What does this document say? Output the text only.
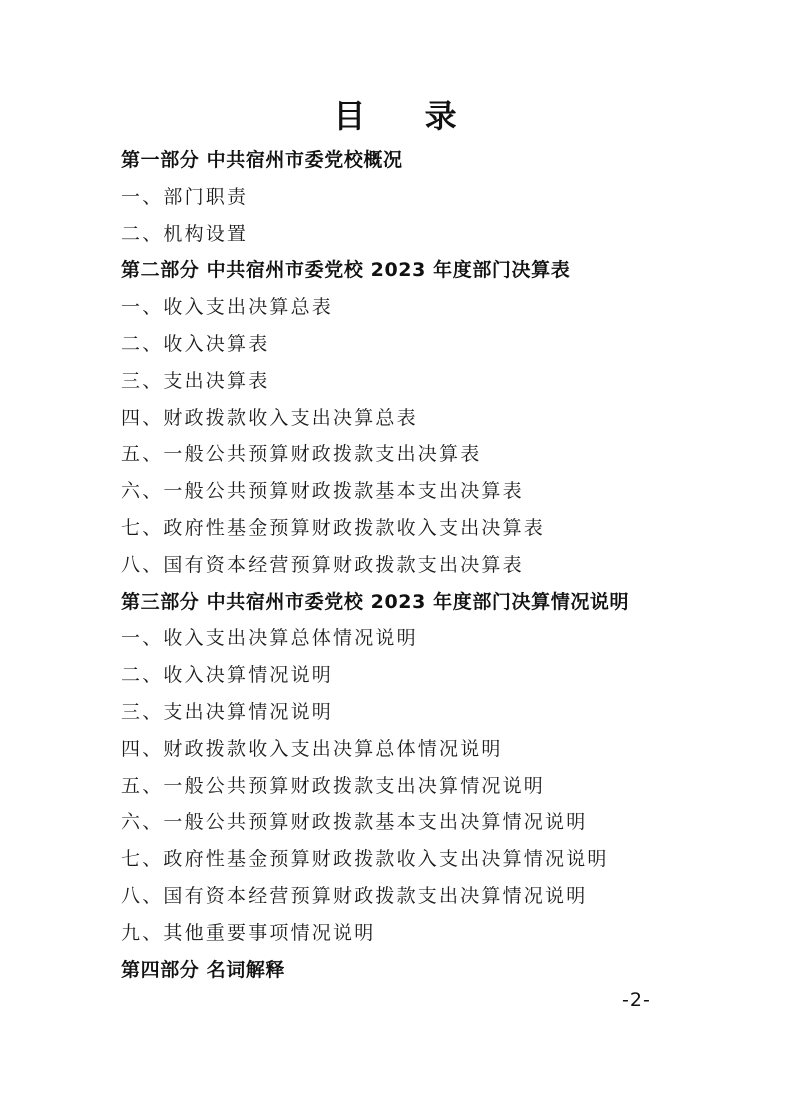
目 录
第一部分 中共宿州市委党校概况
一、部门职责
二、机构设置
第二部分 中共宿州市委党校 2023 年度部门决算表
一、收入支出决算总表
二、收入决算表
三、支出决算表
四、财政拨款收入支出决算总表
五、一般公共预算财政拨款支出决算表
六、一般公共预算财政拨款基本支出决算表
七、政府性基金预算财政拨款收入支出决算表
八、国有资本经营预算财政拨款支出决算表
第三部分 中共宿州市委党校 2023 年度部门决算情况说明
一、收入支出决算总体情况说明
二、收入决算情况说明
三、支出决算情况说明
四、财政拨款收入支出决算总体情况说明
五、一般公共预算财政拨款支出决算情况说明
六、一般公共预算财政拨款基本支出决算情况说明
七、政府性基金预算财政拨款收入支出决算情况说明
八、国有资本经营预算财政拨款支出决算情况说明
九、其他重要事项情况说明
第四部分 名词解释
-2-
